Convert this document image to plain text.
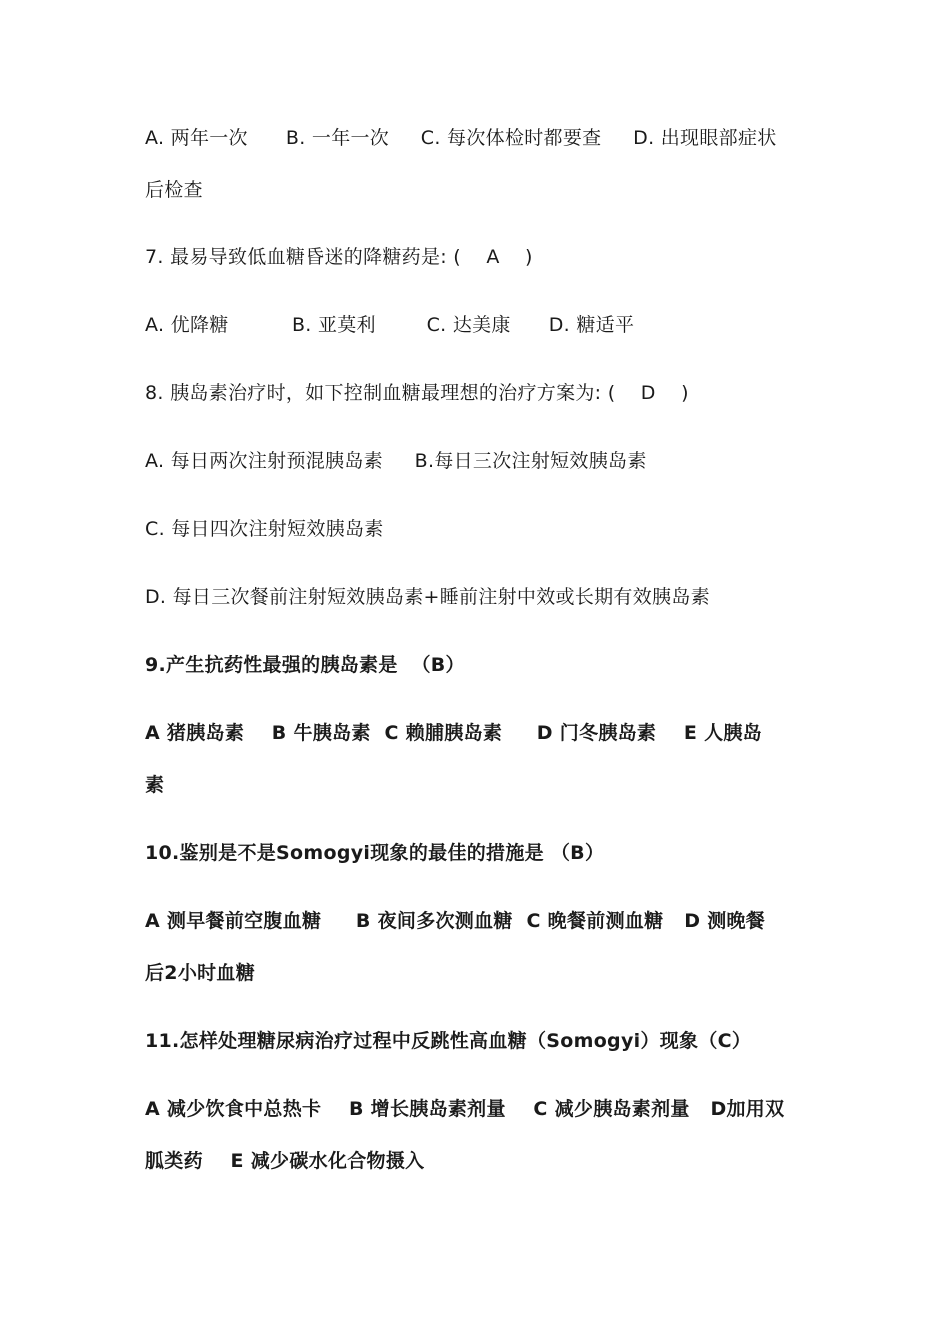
A. 两年一次      B. 一年一次     C. 每次体检时都要查     D. 出现眼部症状
后检查
7. 最易导致低血糖昏迷的降糖药是: (    A    )
A. 优降糖          B. 亚莫利        C. 达美康      D. 糖适平
8. 胰岛素治疗时，如下控制血糖最理想的治疗方案为: (    D    )
A. 每日两次注射预混胰岛素     B.每日三次注射短效胰岛素
C. 每日四次注射短效胰岛素
D. 每日三次餐前注射短效胰岛素+睡前注射中效或长期有效胰岛素
9.产生抗药性最强的胰岛素是  （B）
A 猪胰岛素    B 牛胰岛素  C 赖脯胰岛素     D 门冬胰岛素    E 人胰岛
素
10.鉴别是不是Somogyi现象的最佳的措施是 （B）
A 测早餐前空腹血糖     B 夜间多次测血糖  C 晚餐前测血糖   D 测晚餐
后2小时血糖
11.怎样处理糖尿病治疗过程中反跳性高血糖（Somogyi）现象（C）
A 减少饮食中总热卡    B 增长胰岛素剂量    C 减少胰岛素剂量   D加用双
胍类药    E 减少碳水化合物摄入
